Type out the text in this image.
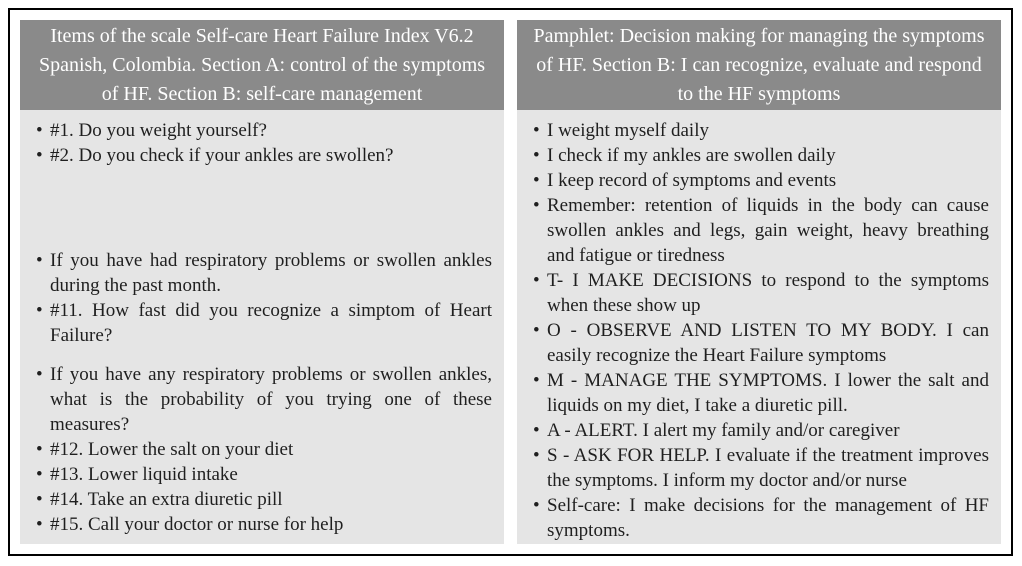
Items of the scale Self-care Heart Failure Index V6.2 Spanish, Colombia. Section A: control of the symptoms of HF. Section B: self-care management
• #1. Do you weight yourself?
• #2. Do you check if your ankles are swollen?
• If you have had respiratory problems or swollen ankles during the past month.
• #11. How fast did you recognize a simptom of Heart Failure?
• If you have any respiratory problems or swollen ankles, what is the probability of you trying one of these measures?
• #12. Lower the salt on your diet
• #13. Lower liquid intake
• #14. Take an extra diuretic pill
• #15. Call your doctor or nurse for help
Pamphlet: Decision making for managing the symptoms of HF. Section B: I can recognize, evaluate and respond to the HF symptoms
• I weight myself daily
• I check if my ankles are swollen daily
• I keep record of symptoms and events
• Remember: retention of liquids in the body can cause swollen ankles and legs, gain weight, heavy breathing and fatigue or tiredness
• T- I MAKE DECISIONS to respond to the symptoms when these show up
• O - OBSERVE AND LISTEN TO MY BODY. I can easily recognize the Heart Failure symptoms
• M - MANAGE THE SYMPTOMS. I lower the salt and liquids on my diet, I take a diuretic pill.
• A - ALERT. I alert my family and/or caregiver
• S - ASK FOR HELP. I evaluate if the treatment improves the symptoms. I inform my doctor and/or nurse
• Self-care: I make decisions for the management of HF symptoms.
